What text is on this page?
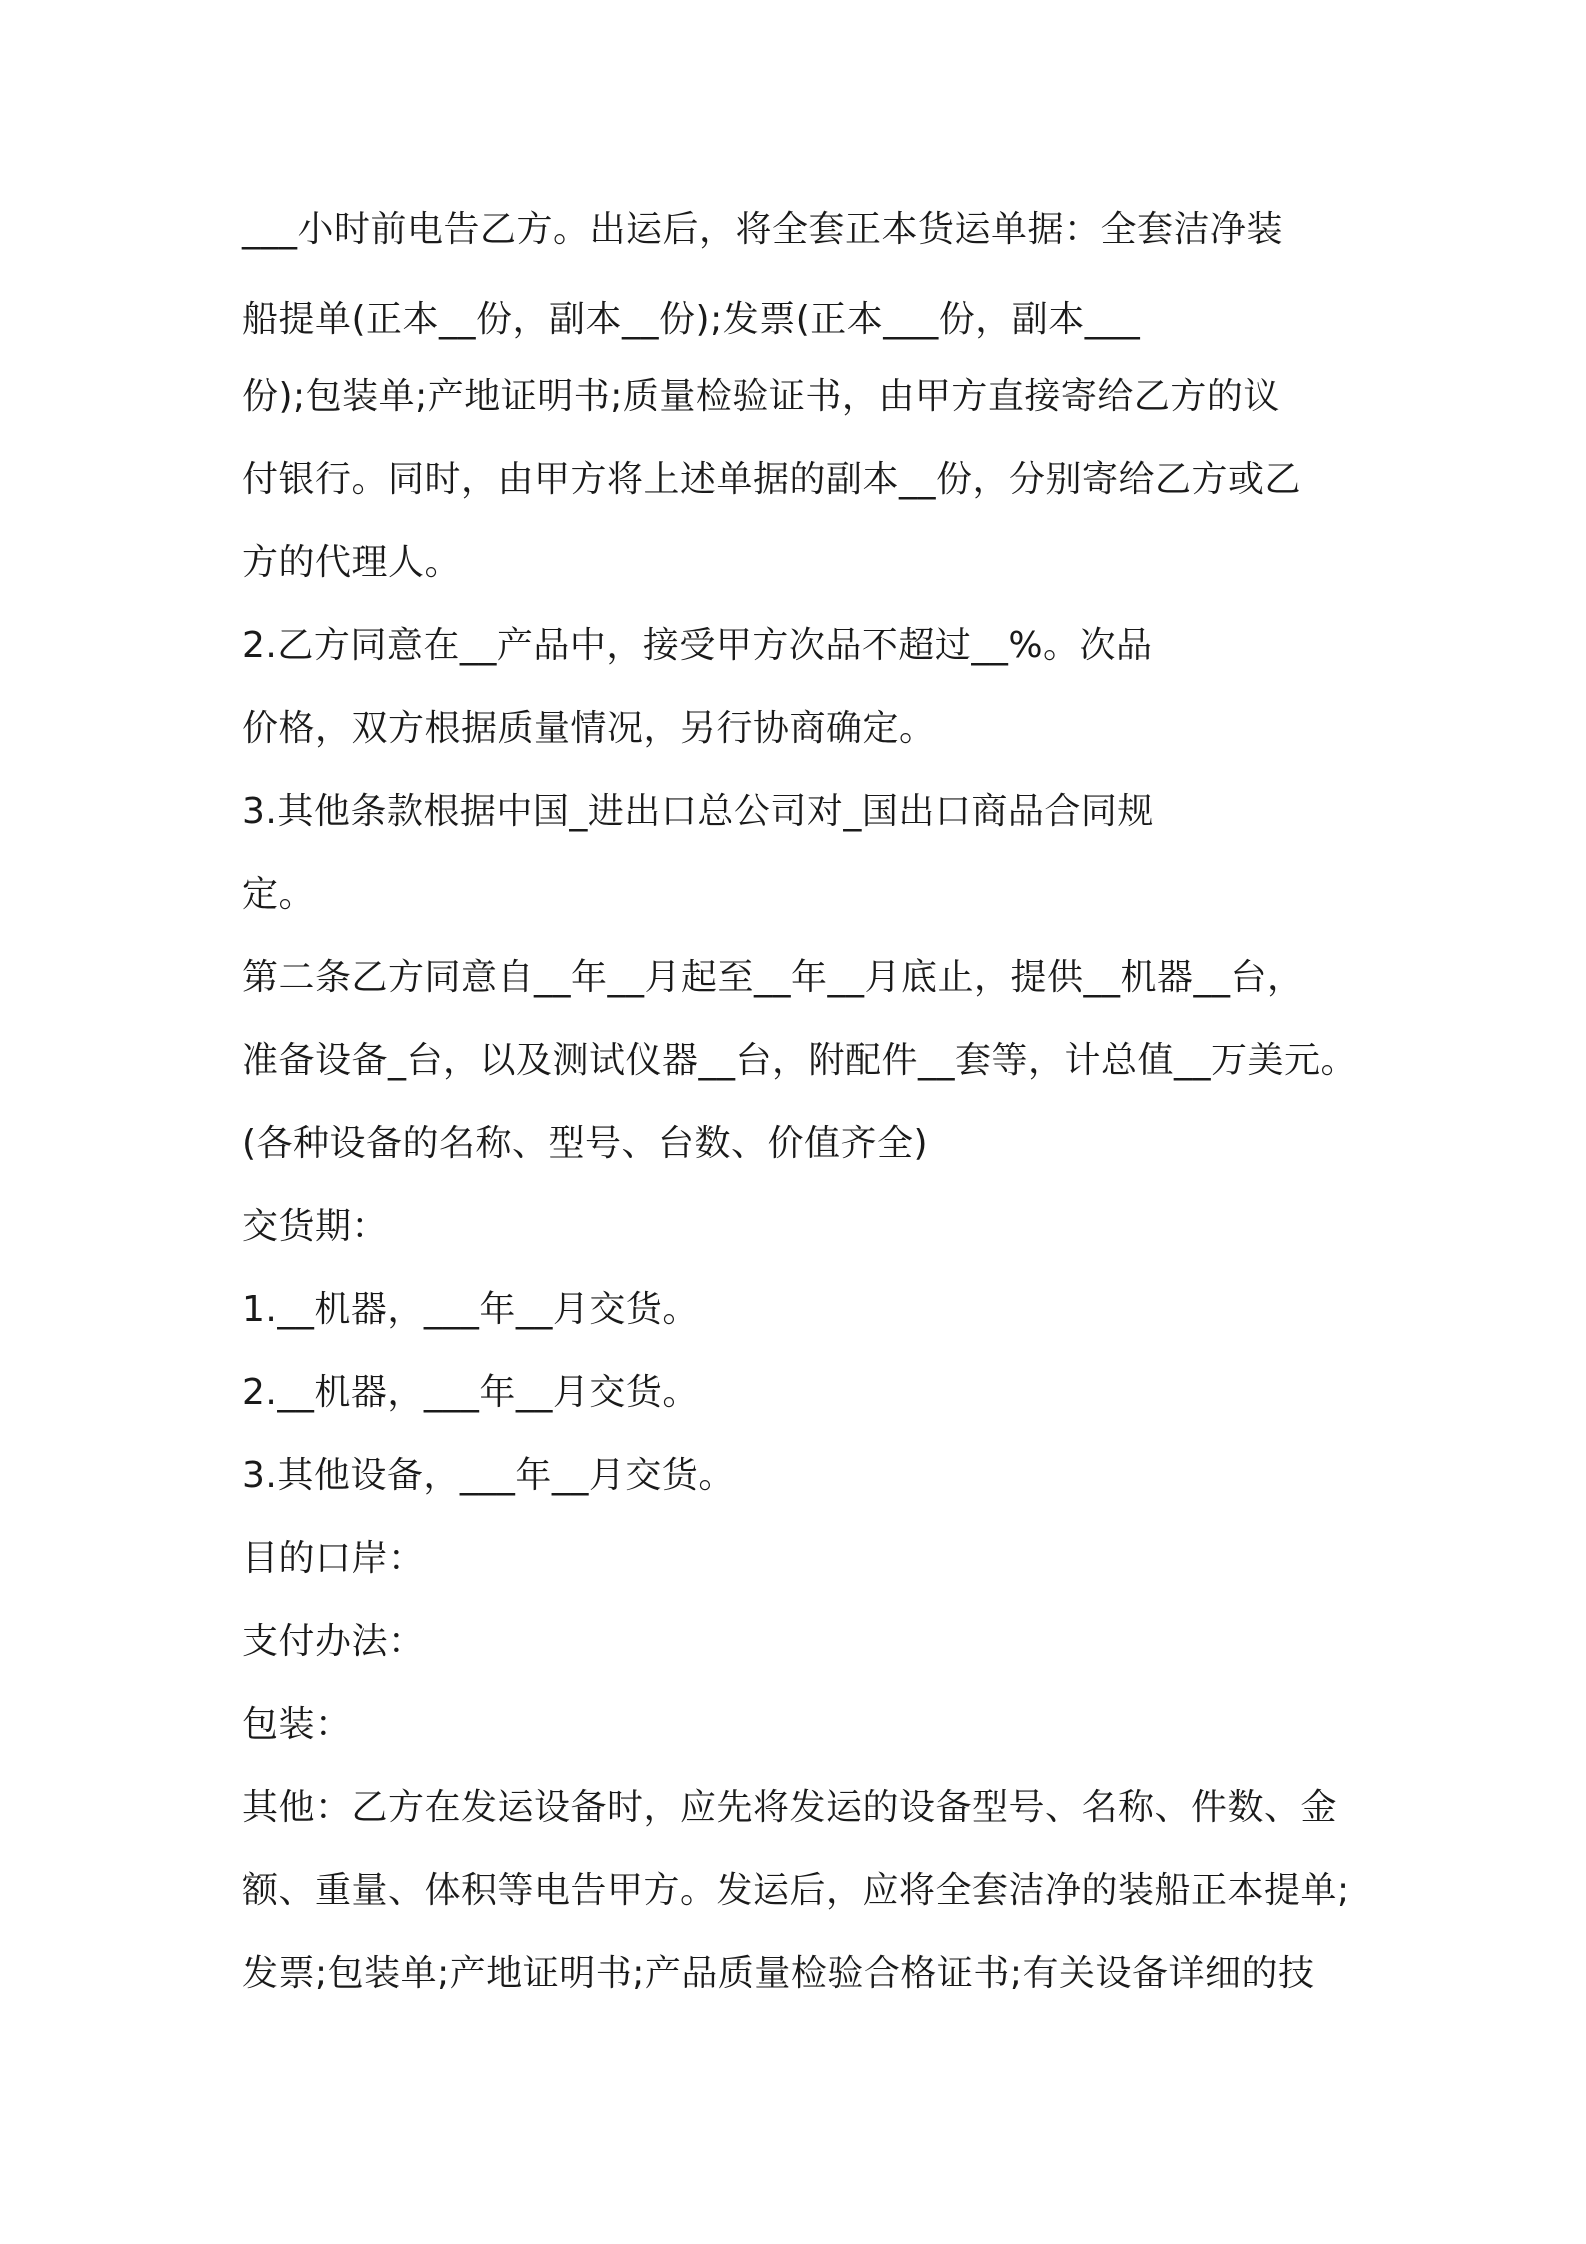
___小时前电告乙方。出运后，将全套正本货运单据：全套洁净装

船提单(正本__份，副本__份);发票(正本___份，副本___

份);包装单;产地证明书;质量检验证书，由甲方直接寄给乙方的议

付银行。同时，由甲方将上述单据的副本__份，分别寄给乙方或乙

方的代理人。

2.乙方同意在__产品中，接受甲方次品不超过__%。次品

价格，双方根据质量情况，另行协商确定。

3.其他条款根据中国_进出口总公司对_国出口商品合同规

定。

第二条乙方同意自__年__月起至__年__月底止，提供__机器__台，

准备设备_台，以及测试仪器__台，附配件__套等，计总值__万美元。

(各种设备的名称、型号、台数、价值齐全)

交货期：

1.__机器，___年__月交货。

2.__机器，___年__月交货。

3.其他设备，___年__月交货。

目的口岸：

支付办法：

包装：

其他：乙方在发运设备时，应先将发运的设备型号、名称、件数、金

额、重量、体积等电告甲方。发运后，应将全套洁净的装船正本提单;

发票;包装单;产地证明书;产品质量检验合格证书;有关设备详细的技
